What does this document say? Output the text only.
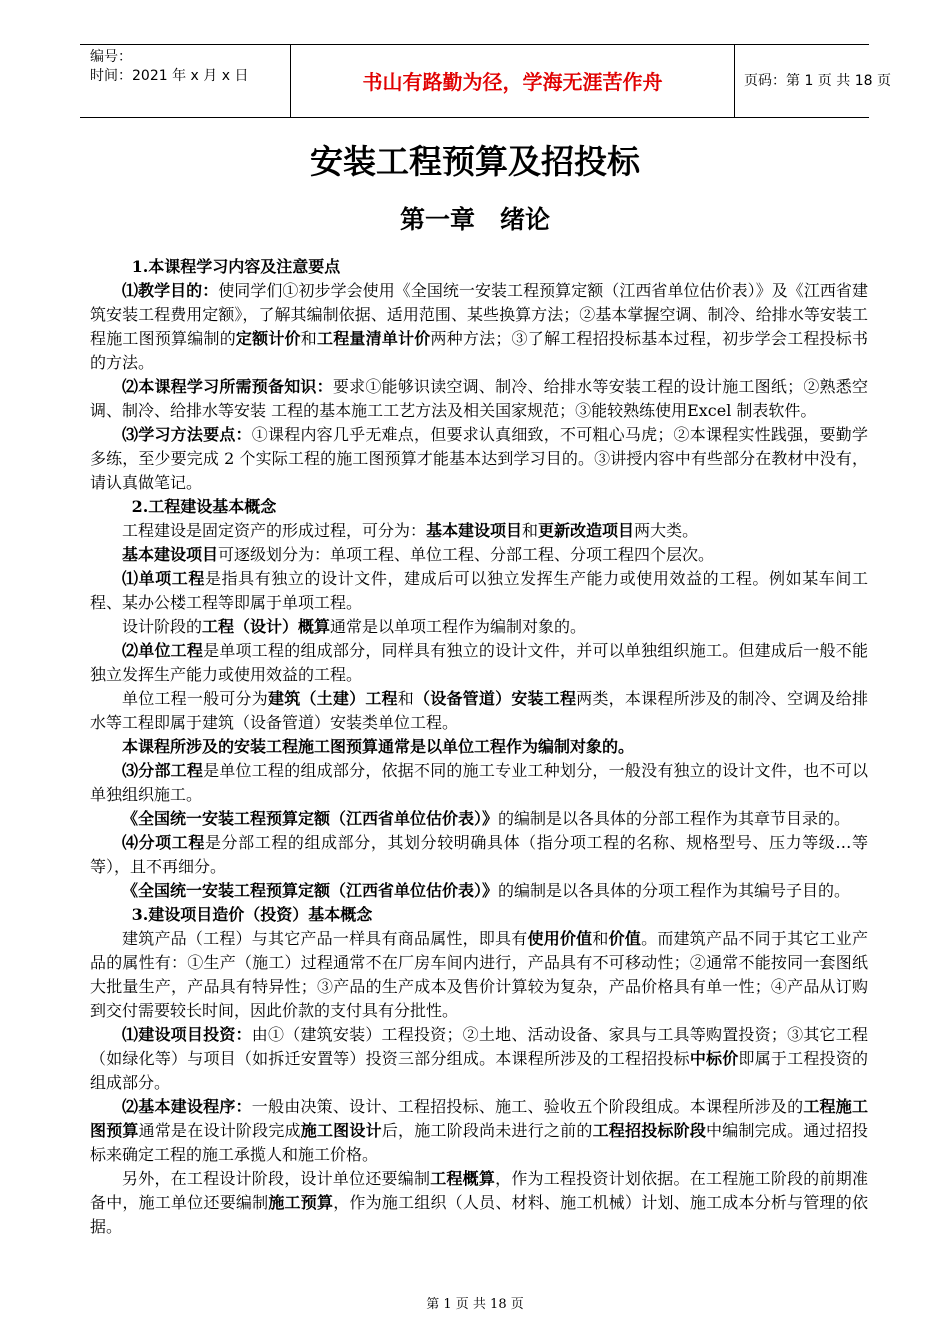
编号：
时间：2021 年 x 月 x 日	书山有路勤为径，学海无涯苦作舟	页码：第 1 页 共 18 页
安装工程预算及招投标
第一章　绪论

1.本课程学习内容及注意要点

⑴教学目的：使同学们①初步学会使用《全国统一安装工程预算定额（江西省单位估价表）》及《江西省建筑安装工程费用定额》，了解其编制依据、适用范围、某些换算方法；②基本掌握空调、制冷、给排水等安装工程施工图预算编制的定额计价和工程量清单计价两种方法；③了解工程招投标基本过程，初步学会工程投标书的方法。

⑵本课程学习所需预备知识：要求①能够识读空调、制冷、给排水等安装工程的设计施工图纸；②熟悉空调、制冷、给排水等安装 工程的基本施工工艺方法及相关国家规范；③能较熟练使用Excel 制表软件。

⑶学习方法要点：①课程内容几乎无难点，但要求认真细致，不可粗心马虎；②本课程实性践强，要勤学多练，至少要完成 2 个实际工程的施工图预算才能基本达到学习目的。③讲授内容中有些部分在教材中没有，请认真做笔记。

2.工程建设基本概念

工程建设是固定资产的形成过程，可分为：基本建设项目和更新改造项目两大类。

基本建设项目可逐级划分为：单项工程、单位工程、分部工程、分项工程四个层次。

⑴单项工程是指具有独立的设计文件，建成后可以独立发挥生产能力或使用效益的工程。例如某车间工程、某办公楼工程等即属于单项工程。

设计阶段的工程（设计）概算通常是以单项工程作为编制对象的。

⑵单位工程是单项工程的组成部分，同样具有独立的设计文件，并可以单独组织施工。但建成后一般不能独立发挥生产能力或使用效益的工程。

单位工程一般可分为建筑（土建）工程和（设备管道）安装工程两类，本课程所涉及的制冷、空调及给排水等工程即属于建筑（设备管道）安装类单位工程。

本课程所涉及的安装工程施工图预算通常是以单位工程作为编制对象的。

⑶分部工程是单位工程的组成部分，依据不同的施工专业工种划分，一般没有独立的设计文件，也不可以单独组织施工。

《全国统一安装工程预算定额（江西省单位估价表）》的编制是以各具体的分部工程作为其章节目录的。

⑷分项工程是分部工程的组成部分，其划分较明确具体（指分项工程的名称、规格型号、压力等级…等等），且不再细分。

《全国统一安装工程预算定额（江西省单位估价表）》的编制是以各具体的分项工程作为其编号子目的。

3.建设项目造价（投资）基本概念

建筑产品（工程）与其它产品一样具有商品属性，即具有使用价值和价值。而建筑产品不同于其它工业产品的属性有：①生产（施工）过程通常不在厂房车间内进行，产品具有不可移动性；②通常不能按同一套图纸大批量生产，产品具有特异性；③产品的生产成本及售价计算较为复杂，产品价格具有单一性；④产品从订购到交付需要较长时间，因此价款的支付具有分批性。

⑴建设项目投资：由①（建筑安装）工程投资；②土地、活动设备、家具与工具等购置投资；③其它工程（如绿化等）与项目（如拆迁安置等）投资三部分组成。本课程所涉及的工程招投标中标价即属于工程投资的组成部分。

⑵基本建设程序：一般由决策、设计、工程招投标、施工、验收五个阶段组成。本课程所涉及的工程施工图预算通常是在设计阶段完成施工图设计后，施工阶段尚未进行之前的工程招投标阶段中编制完成。通过招投标来确定工程的施工承揽人和施工价格。

另外，在工程设计阶段，设计单位还要编制工程概算，作为工程投资计划依据。在工程施工阶段的前期准备中，施工单位还要编制施工预算，作为施工组织（人员、材料、施工机械）计划、施工成本分析与管理的依据。

第 1 页 共 18 页
